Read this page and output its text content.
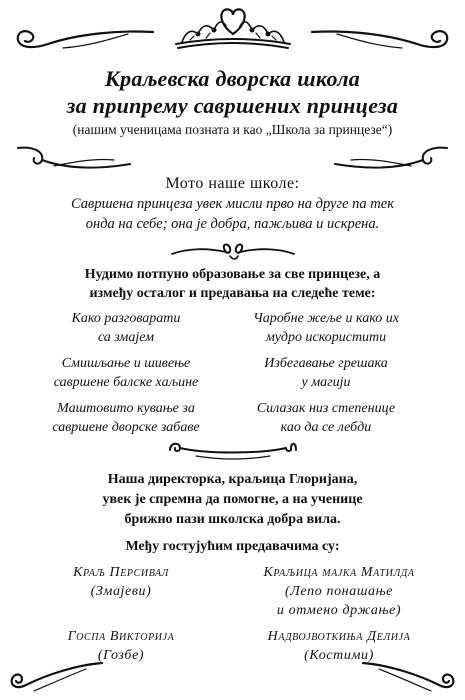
Краљевска дворска школа
за припрему савршених принцеза
(нашим ученицама позната и као „Школа за принцезе“)
Мото наше школе:
Савршена принцеза увек мисли прво на друге па тек
онда на себе; она је добра, пажљива и искрена.
Нудимо потпуно образовање за све принцезе, а
између осталог и предавања на следеће теме:
Како разговарати
са змајем
Чаробне жеље и како их
мудро искористити
Смишљање и шивење
савршене балске хаљине
Избегавање грешака
у магији
Маштовито кување за
савршене дворске забаве
Силазак низ степенице
као да се лебди
Наша директорка, краљица Глоријана,
увек је спремна да помогне, а на ученице
брижно пази школска добра вила.
Међу гостујућим предавачима су:
Краљ Персивал
(Змајеви)
Краљица мајка Матилда
(Лепо понашање
и отмено држање)
Госпа Викторија
(Гозбе)
Надвојвоткиња Делија
(Костими)
